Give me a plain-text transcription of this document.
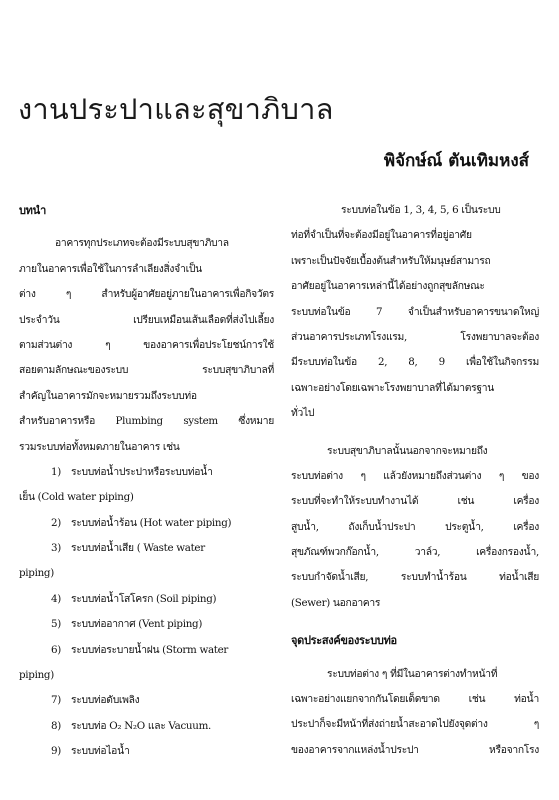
งานประปาและสุขาภิบาล
พิจักษ์ณ์ ตันเทิมหงส์
บทนำ
อาคารทุกประเภทจะต้องมีระบบสุขาภิบาล
ภายในอาคารเพื่อใช้ในการลำเลียงสิ่งจำเป็น
ต่าง ๆ สำหรับผู้อาศัยอยู่ภายในอาคารเพื่อกิจวัตร
ประจำวัน เปรียบเหมือนเส้นเลือดที่ส่งไปเลี้ยง
ตามส่วนต่าง ๆ ของอาคารเพื่อประโยชน์การใช้
สอยตามลักษณะของระบบ ระบบสุขาภิบาลที่
สำคัญในอาคารมักจะหมายรวมถึงระบบท่อ
สำหรับอาคารหรือ Plumbing system ซึ่งหมาย
รวมระบบท่อทั้งหมดภายในอาคาร เช่น
1) ระบบท่อน้ำประปาหรือระบบท่อน้ำ
เย็น (Cold water piping)
2) ระบบท่อน้ำร้อน (Hot water piping)
3) ระบบท่อน้ำเสีย ( Waste water
piping)
4) ระบบท่อน้ำโสโครก (Soil piping)
5) ระบบท่ออากาศ (Vent piping)
6) ระบบท่อระบายน้ำฝน (Storm water
piping)
7) ระบบท่อดับเพลิง
8) ระบบท่อ O₂ N₂O และ Vacuum.
9) ระบบท่อไอน้ำ
ระบบท่อในข้อ 1, 3, 4, 5, 6 เป็นระบบ
ท่อที่จำเป็นที่จะต้องมีอยู่ในอาคารที่อยู่อาศัย
เพราะเป็นปัจจัยเบื้องต้นสำหรับให้มนุษย์สามารถ
อาศัยอยู่ในอาคารเหล่านี้ได้อย่างถูกสุขลักษณะ
ระบบท่อในข้อ 7 จำเป็นสำหรับอาคารขนาดใหญ่
ส่วนอาคารประเภทโรงแรม, โรงพยาบาลจะต้อง
มีระบบท่อในข้อ 2, 8, 9 เพื่อใช้ในกิจกรรม
เฉพาะอย่างโดยเฉพาะโรงพยาบาลที่ได้มาตรฐาน
ทั่วไป
ระบบสุขาภิบาลนั้นนอกจากจะหมายถึง
ระบบท่อต่าง ๆ แล้วยังหมายถึงส่วนต่าง ๆ ของ
ระบบที่จะทำให้ระบบทำงานได้ เช่น เครื่อง
สูบน้ำ, ถังเก็บน้ำประปา ประตูน้ำ, เครื่อง
สุขภัณฑ์พวกก๊อกน้ำ, วาล์ว, เครื่องกรองน้ำ,
ระบบกำจัดน้ำเสีย, ระบบทำน้ำร้อน ท่อน้ำเสีย
(Sewer) นอกอาคาร
จุดประสงค์ของระบบท่อ
ระบบท่อต่าง ๆ ที่มีในอาคารต่างทำหน้าที่
เฉพาะอย่างแยกจากกันโดยเด็ดขาด เช่น ท่อน้ำ
ประปาก็จะมีหน้าที่ส่งถ่ายน้ำสะอาดไปยังจุดต่าง ๆ
ของอาคารจากแหล่งน้ำประปา หรือจากโรง
